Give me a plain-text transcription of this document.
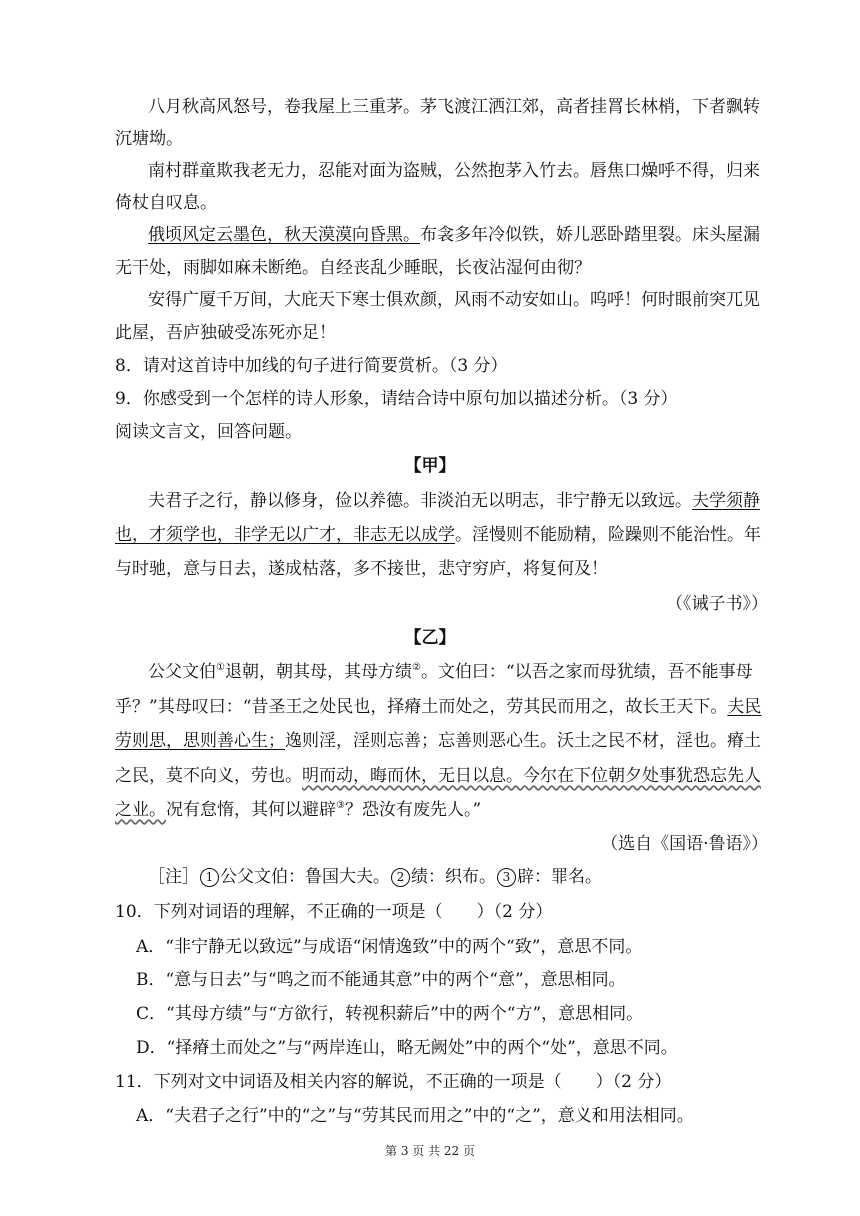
八月秋高风怒号，卷我屋上三重茅。茅飞渡江洒江郊，高者挂罥长林梢，下者飘转
沉塘坳。
南村群童欺我老无力，忍能对面为盗贼，公然抱茅入竹去。唇焦口燥呼不得，归来
倚杖自叹息。
俄顷风定云墨色，秋天漠漠向昏黑。布衾多年冷似铁，娇儿恶卧踏里裂。床头屋漏
无干处，雨脚如麻未断绝。自经丧乱少睡眠，长夜沾湿何由彻？
安得广厦千万间，大庇天下寒士俱欢颜，风雨不动安如山。呜呼！何时眼前突兀见
此屋，吾庐独破受冻死亦足！
8．请对这首诗中加线的句子进行简要赏析。（3 分）
9．你感受到一个怎样的诗人形象，请结合诗中原句加以描述分析。（3 分）
阅读文言文，回答问题。
【甲】
夫君子之行，静以修身，俭以养德。非淡泊无以明志，非宁静无以致远。夫学须静
也，才须学也，非学无以广才，非志无以成学。淫慢则不能励精，险躁则不能治性。年
与时驰，意与日去，遂成枯落，多不接世，悲守穷庐，将复何及！
（《诫子书》）
【乙】
公父文伯①退朝，朝其母，其母方绩②。文伯曰：“以吾之家而母犹绩，吾不能事母
乎？”其母叹曰：“昔圣王之处民也，择瘠土而处之，劳其民而用之，故长王天下。夫民
劳则思，思则善心生；逸则淫，淫则忘善；忘善则恶心生。沃土之民不材，淫也。瘠土
之民，莫不向义，劳也。明而动，晦而休，无日以息。今尔在下位朝夕处事犹恐忘先人
之业。况有怠惰，其何以避辟③？恐汝有废先人。”
（选自《国语·鲁语》）
［注］ 1 公父文伯：鲁国大夫。 2 绩：织布。 3 辟：罪名。
10．下列对词语的理解，不正确的一项是（　　）（2 分）
A．“非宁静无以致远”与成语“闲情逸致”中的两个“致”，意思不同。
B．“意与日去”与“鸣之而不能通其意”中的两个“意”，意思相同。
C．“其母方绩”与“方欲行，转视积薪后”中的两个“方”，意思相同。
D．“择瘠土而处之”与“两岸连山，略无阙处”中的两个“处”，意思不同。
11．下列对文中词语及相关内容的解说，不正确的一项是（　　）（2 分）
A．“夫君子之行”中的“之”与“劳其民而用之”中的“之”，意义和用法相同。
第 3 页 共 22 页
